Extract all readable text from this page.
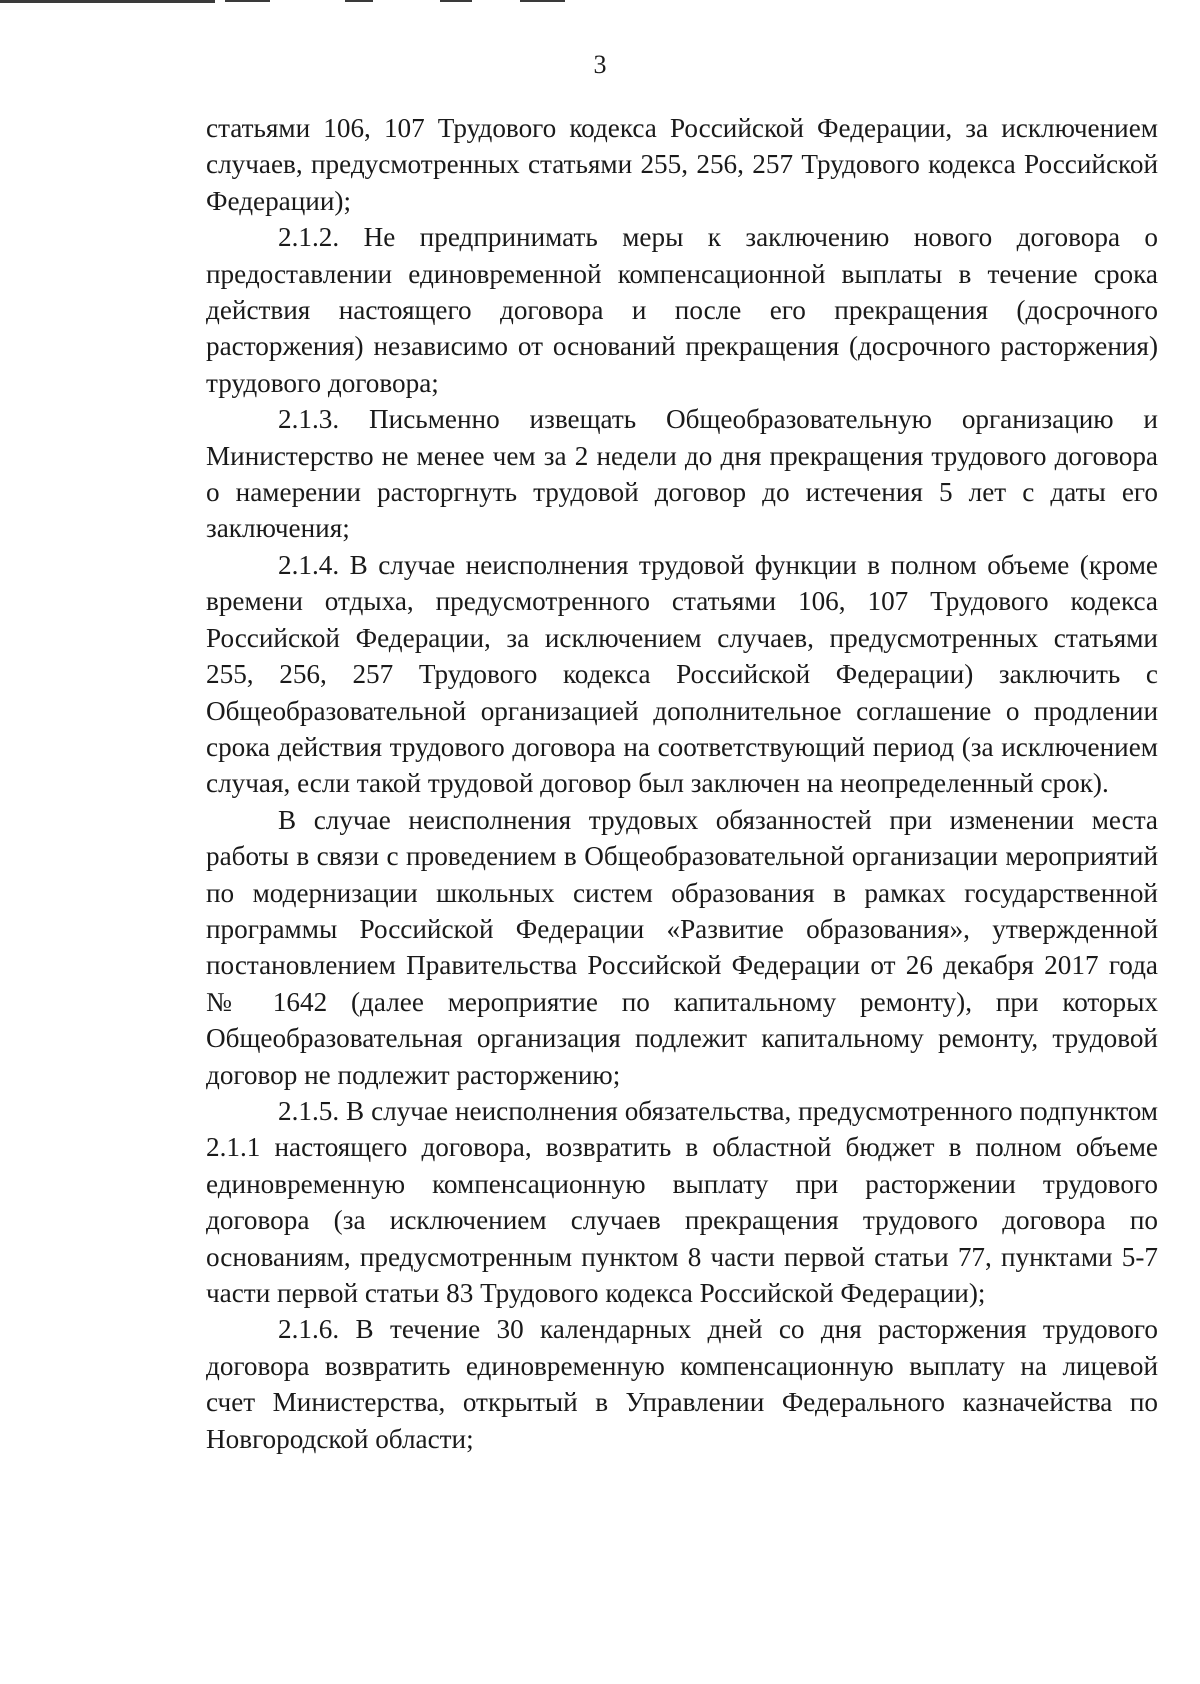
3

статьями 106, 107 Трудового кодекса Российской Федерации, за исключением случаев, предусмотренных статьями 255, 256, 257 Трудового кодекса Российской Федерации);

2.1.2. Не предпринимать меры к заключению нового договора о предоставлении единовременной компенсационной выплаты в течение срока действия настоящего договора и после его прекращения (досрочного расторжения) независимо от оснований прекращения (досрочного расторжения) трудового договора;

2.1.3. Письменно извещать Общеобразовательную организацию и Министерство не менее чем за 2 недели до дня прекращения трудового договора о намерении расторгнуть трудовой договор до истечения 5 лет с даты его заключения;

2.1.4. В случае неисполнения трудовой функции в полном объеме (кроме времени отдыха, предусмотренного статьями 106, 107 Трудового кодекса Российской Федерации, за исключением случаев, предусмотренных статьями 255, 256, 257 Трудового кодекса Российской Федерации) заключить с Общеобразовательной организацией дополнительное соглашение о продлении срока действия трудового договора на соответствующий период (за исключением случая, если такой трудовой договор был заключен на неопределенный срок).

В случае неисполнения трудовых обязанностей при изменении места работы в связи с проведением в Общеобразовательной организации мероприятий по модернизации школьных систем образования в рамках государственной программы Российской Федерации «Развитие образования», утвержденной постановлением Правительства Российской Федерации от 26 декабря 2017 года № 1642 (далее мероприятие по капитальному ремонту), при которых Общеобразовательная организация подлежит капитальному ремонту, трудовой договор не подлежит расторжению;

2.1.5. В случае неисполнения обязательства, предусмотренного подпунктом 2.1.1 настоящего договора, возвратить в областной бюджет в полном объеме единовременную компенсационную выплату при расторжении трудового договора (за исключением случаев прекращения трудового договора по основаниям, предусмотренным пунктом 8 части первой статьи 77, пунктами 5-7 части первой статьи 83 Трудового кодекса Российской Федерации);

2.1.6. В течение 30 календарных дней со дня расторжения трудового договора возвратить единовременную компенсационную выплату на лицевой счет Министерства, открытый в Управлении Федерального казначейства по Новгородской области;
